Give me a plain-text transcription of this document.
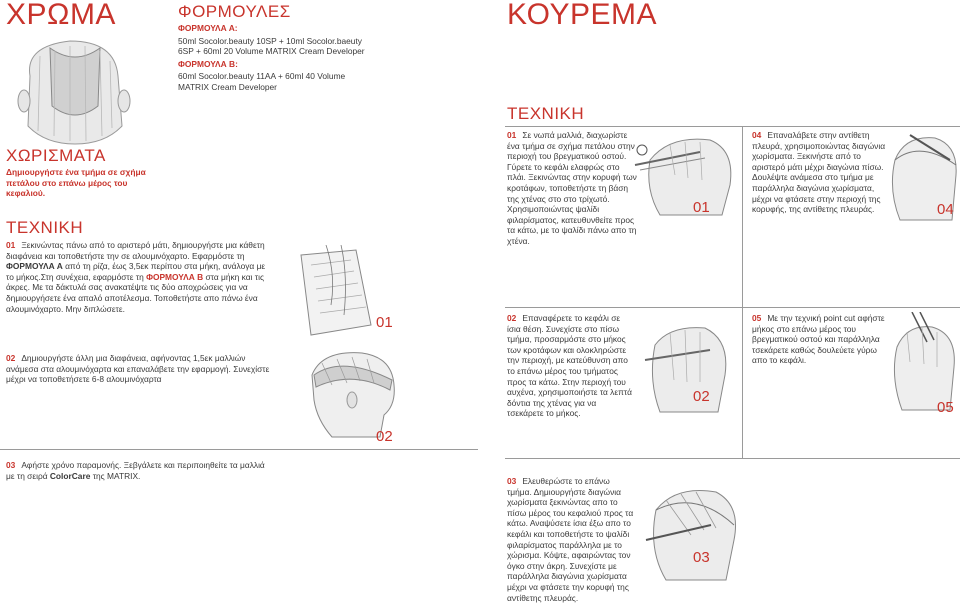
ΧΡΩΜΑ	ΦΟΡΜΟΥΛΕΣ
ΦΟΡΜΟΥΛΑ Α:
50ml Socolor.beauty 10SP + 10ml Socolor.baeuty
6SP + 60ml 20 Volume MATRIX Cream Developer
ΦΟΡΜΟΥΛΑ Β:
60ml Socolor.beauty 11AA + 60ml 40 Volume
MATRIX Cream Developer
ΧΩΡΙΣΜΑΤΑ
Δημιουργήστε ένα τμήμα σε σχήμα πετάλου στο επάνω μέρος του κεφαλιού.
ΤΕΧΝΙΚΗ
01 Ξεκινώντας πάνω από το αριστερό μάτι, δημιουργήστε μια κάθετη διαφάνεια και τοποθετήστε την σε αλουμινόχαρτο. Εφαρμόστε τη ΦΟΡΜΟΥΛΑ Α από τη ρίζα, έως 3,5εκ περίπου στα μήκη, ανάλογα με το μήκος.Στη συνέχεια, εφαρμόστε τη ΦΟΡΜΟΥΛΑ Β στα μήκη και τις άκρες. Με τα δάκτυλά σας ανακατέψτε τις δύο αποχρώσεις για να δημιουργήσετε ένα απαλό αποτέλεσμα. Τοποθετήστε απο πάνω ένα αλουμινόχαρτο. Μην διπλώσετε.
02 Δημιουργήστε άλλη μια διαφάνεια, αφήνοντας 1,5εκ μαλλιών ανάμεσα στα αλουμινόχαρτα και επαναλάβετε την εφαρμογή. Συνεχίστε μέχρι να τοποθετήσετε 6-8 αλουμινόχαρτα
01
02
03 Αφήστε χρόνο παραμονής. Ξεβγάλετε και περιποιηθείτε τα μαλλιά με τη σειρά ColorCare της MATRIX.
ΚΟΥΡΕΜΑ
ΤΕΧΝΙΚΗ
01 Σε νωπά μαλλιά, διαχωρίστε ένα τμήμα σε σχήμα πετάλου στην περιοχή του βρεγματικού οστού. Γύρετε το κεφάλι ελαφρώς στο πλάι. Ξεκινώντας στην κορυφή των κροτάφων, τοποθετήστε τη βάση της χτένας στο στο τρίχωτό. Χρησιμοποιώντας ψαλίδι φιλαρίσματος, κατευθυνθείτε προς τα κάτω, με το ψαλίδι πάνω απο τη χτένα.
01
04 Επαναλάβετε στην αντίθετη πλευρά, χρησιμοποιώντας διαγώνια χωρίσματα. Ξεκινήστε από το αριστερό μάτι μέχρι διαγώνια πίσω. Δουλέψτε ανάμεσα στο τμήμα με παράλληλα διαγώνια χωρίσματα, μέχρι να φτάσετε στην περιοχή της κορυφής, της αντίθετης πλευράς.	04
02 Επαναφέρετε το κεφάλι σε ίσια θέση. Συνεχίστε στο πίσω τμήμα, προσαρμόστε στο μήκος των κροτάφων και ολοκληρώστε την περιοχή, με κατεύθυνση απο το επάνω μέρος του τμήματος προς τα κάτω. Στην περιοχή του αυχένα, χρησιμοποιήστε τα λεπτά δόντια της χτένας για να τσεκάρετε το μήκος.
02
05 Με την τεχνική point cut αφήστε μήκος στο επάνω μέρος του βρεγματικού οστού και παράλληλα τσεκάρετε καθώς δουλεύετε γύρω απο το κεφάλι.
05
03 Ελευθερώστε το επάνω τμήμα. Δημιουργήστε διαγώνια χωρίσματα ξεκινώντας απο το πίσω μέρος του κεφαλιού προς τα κάτω. Αναψύσετε ίσια έξω απο το κεφάλι και τοποθετήστε το ψαλίδι φιλαρίσματος παράλληλα με το χώρισμα. Κόψτε, αφαιρώντας τον όγκο στην άκρη. Συνεχίστε με παράλληλα διαγώνια χωρίσματα μέχρι να φτάσετε την κορυφή της αντίθετης πλευράς.
03
